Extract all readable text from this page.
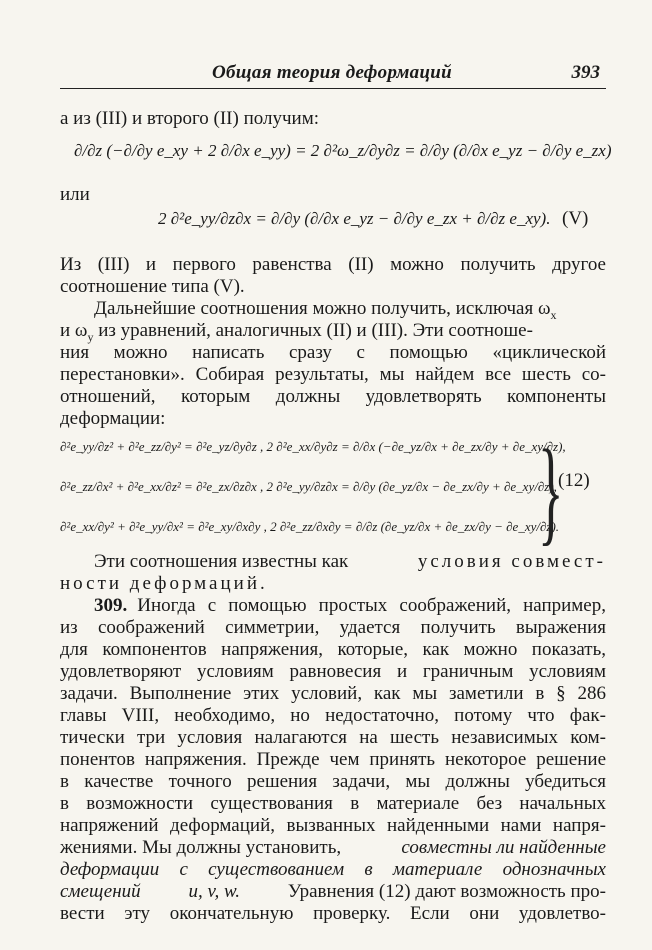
Общая теория деформаций	393
а из (III) и второго (II) получим:
∂/∂z (−∂/∂y e_xy + 2 ∂/∂x e_yy) = 2 ∂²ω_z/∂y∂z = ∂/∂y (∂/∂x e_yz − ∂/∂y e_zx)
или
2 ∂²e_yy/∂z∂x = ∂/∂y (∂/∂x e_yz − ∂/∂y e_zx + ∂/∂z e_xy). (V)
Из (III) и первого равенства (II) можно получить другое
соотношение типа (V).
Дальнейшие соотношения можно получить, исключая $\omega_x$
и $\omega_y$ из уравнений, аналогичных (II) и (III). Эти соотноше-
ния можно написать сразу с помощью «циклической
перестановки». Собирая результаты, мы найдем все шесть со-
отношений, которым должны удовлетворять компоненты
деформации:
∂²e_yy/∂z² + ∂²e_zz/∂y² = ∂²e_yz/∂y∂z , 2 ∂²e_xx/∂y∂z = ∂/∂x (−∂e_yz/∂x + ∂e_zx/∂y + ∂e_xy/∂z),
∂²e_zz/∂x² + ∂²e_xx/∂z² = ∂²e_zx/∂z∂x , 2 ∂²e_yy/∂z∂x = ∂/∂y (∂e_yz/∂x − ∂e_zx/∂y + ∂e_xy/∂z),
∂²e_xx/∂y² + ∂²e_yy/∂x² = ∂²e_xy/∂x∂y , 2 ∂²e_zz/∂x∂y = ∂/∂z (∂e_yz/∂x + ∂e_zx/∂y − ∂e_xy/∂z).
}
(12)
Эти соотношения известны как	условия совмест-
ности деформаций.
309. Иногда с помощью простых соображений, например,
из соображений симметрии, удается получить выражения
для компонентов напряжения, которые, как можно показать,
удовлетворяют условиям равновесия и граничным условиям
задачи. Выполнение этих условий, как мы заметили в § 286
главы VIII, необходимо, но недостаточно, потому что фак-
тически три условия налагаются на шесть независимых ком-
понентов напряжения. Прежде чем принять некоторое решение
в качестве точного решения задачи, мы должны убедиться
в возможности существования в материале без начальных
напряжений деформаций, вызванных найденными нами напря-
жениями. Мы должны установить,	совместны ли найденные
деформации с существованием в материале однозначных
смещений	u, v, w.	Уравнения (12) дают возможность про-
вести эту окончательную проверку. Если они удовлетво-
